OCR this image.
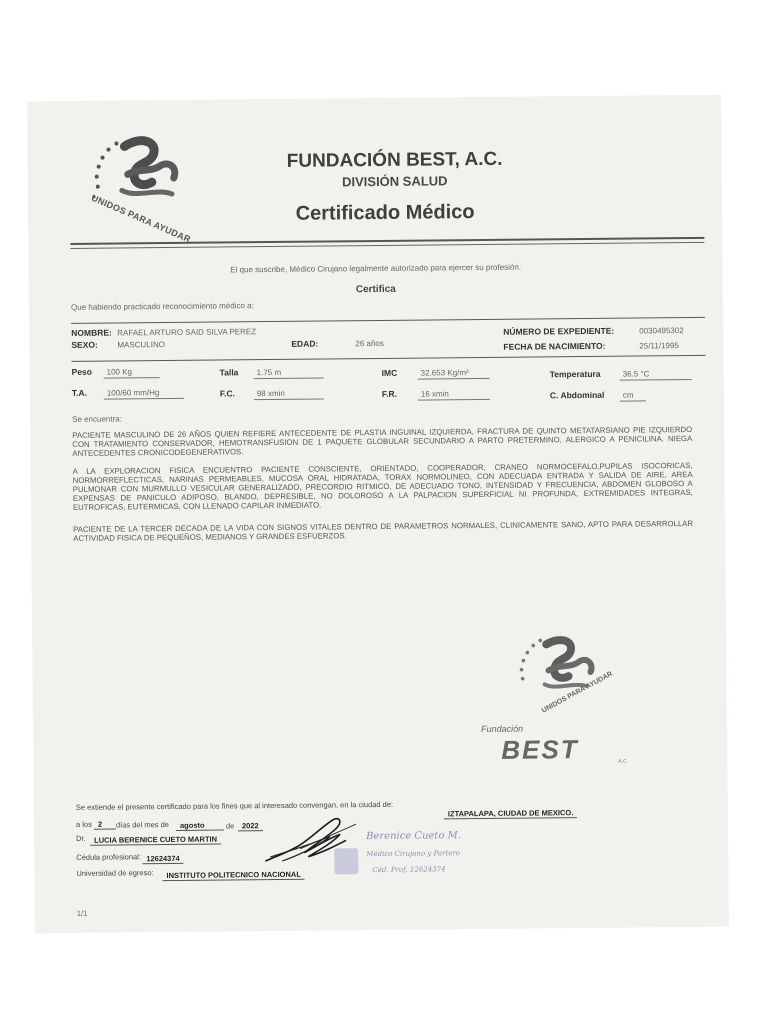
UNIDOS PARA AYUDAR
FUNDACIÓN BEST, A.C.
DIVISIÓN SALUD
Certificado Médico
El que suscribe, Médico Cirujano legalmente autorizado para ejercer su profesión.
Certifica
Que habiendo practicado reconocimiento médico a:
NOMBRE: RAFAEL ARTURO SAID SILVA PEREZ
SEXO: MASCULINO	EDAD:	26 años
NÚMERO DE EXPEDIENTE:	0030495302
FECHA DE NACIMIENTO:	25/11/1995
Peso	100 Kg	Talla	1.75 m	IMC	32.653 Kg/m²	Temperatura	36.5 °C
T.A.	100/60 mm/Hg	F.C.	98 xmin	F.R.	16 xmin	C. Abdominal	cm
Se encuentra:
PACIENTE MASCULINO DE 26 AÑOS QUIEN REFIERE ANTECEDENTE DE PLASTIA INGUINAL IZQUIERDA, FRACTURA DE QUINTO METATARSIANO PIE IZQUIERDO CON TRATAMIENTO CONSERVADOR, HEMOTRANSFUSION DE 1 PAQUETE GLOBULAR SECUNDARIO A PARTO PRETERMINO, ALERGICO A PENICILINA. NIEGA ANTECEDENTES CRONICODEGENERATIVOS.
A LA EXPLORACION FISICA ENCUENTRO PACIENTE CONSCIENTE, ORIENTADO, COOPERADOR, CRANEO NORMOCEFALO,PUPILAS ISOCORICAS, NORMORREFLECTICAS, NARINAS PERMEABLES, MUCOSA ORAL HIDRATADA, TORAX NORMOLINEO, CON ADECUADA ENTRADA Y SALIDA DE AIRE, AREA PULMONAR CON MURMULLO VESICULAR GENERALIZADO, PRECORDIO RITMICO, DE ADECUADO TONO, INTENSIDAD Y FRECUENCIA, ABDOMEN GLOBOSO A EXPENSAS DE PANICULO ADIPOSO, BLANDO, DEPRESIBLE, NO DOLOROSO A LA PALPACION SUPERFICIAL NI PROFUNDA, EXTREMIDADES INTEGRAS, EUTROFICAS, EUTERMICAS, CON LLENADO CAPILAR INMEDIATO.
PACIENTE DE LA TERCER DECADA DE LA VIDA CON SIGNOS VITALES DENTRO DE PARAMETROS NORMALES, CLINICAMENTE SANO, APTO PARA DESARROLLAR ACTIVIDAD FISICA DE PEQUEÑOS, MEDIANOS Y GRANDES ESFUERZOS.
UNIDOS PARA AYUDAR
Fundación
BEST	A.C.
Se extiende el presente certificado para los fines que al interesado convengan, en la ciudad de:
IZTAPALAPA, CIUDAD DE MEXICO.
a los 2	días del mes de	agosto	de	2022
Dr.	LUCIA BERENICE CUETO MARTIN
Cédula profesional: 12624374
Universidad de egreso:	INSTITUTO POLITECNICO NACIONAL
Berenice Cueto M.
Médico Cirujano y Partero
Céd. Prof. 12624374
1/1
